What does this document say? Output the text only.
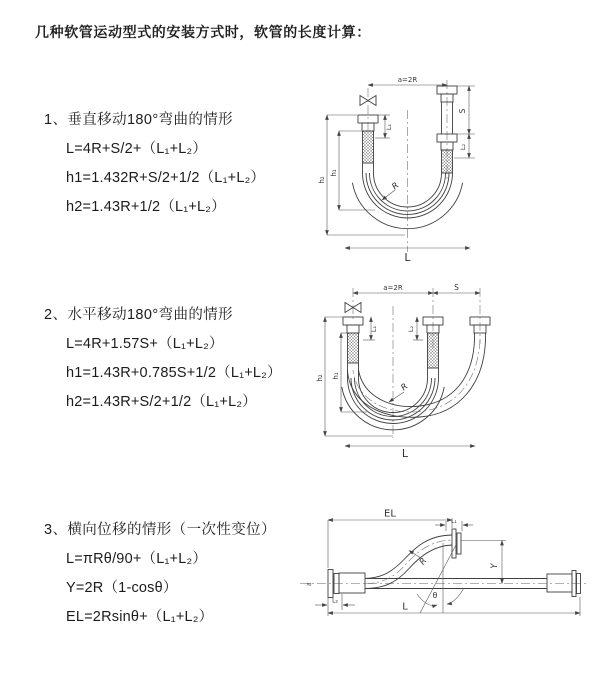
几种软管运动型式的安装方式时，软管的长度计算：

1、垂直移动180°弯曲的情形

L=4R+S/2+（L₁+L₂）

h1=1.432R+S/2+1/2（L₁+L₂）

h2=1.43R+1/2（L₁+L₂）

2、水平移动180°弯曲的情形

L=4R+1.57S+（L₁+L₂）

h1=1.43R+0.785S+1/2（L₁+L₂）

h2=1.43R+S/2+1/2（L₁+L₂）

3、横向位移的情形（一次性变位）

L=πRθ/90+（L₁+L₂）

Y=2R（1-cosθ）

EL=2Rsinθ+（L₁+L₂）

a=2R
S
L₂
L₁
h₁
h₂
R
L
a=2R	S
L₁	L₂
h₁
h₂
R
L
≈
EL
L₁
Y
R
θ
L
L₂
